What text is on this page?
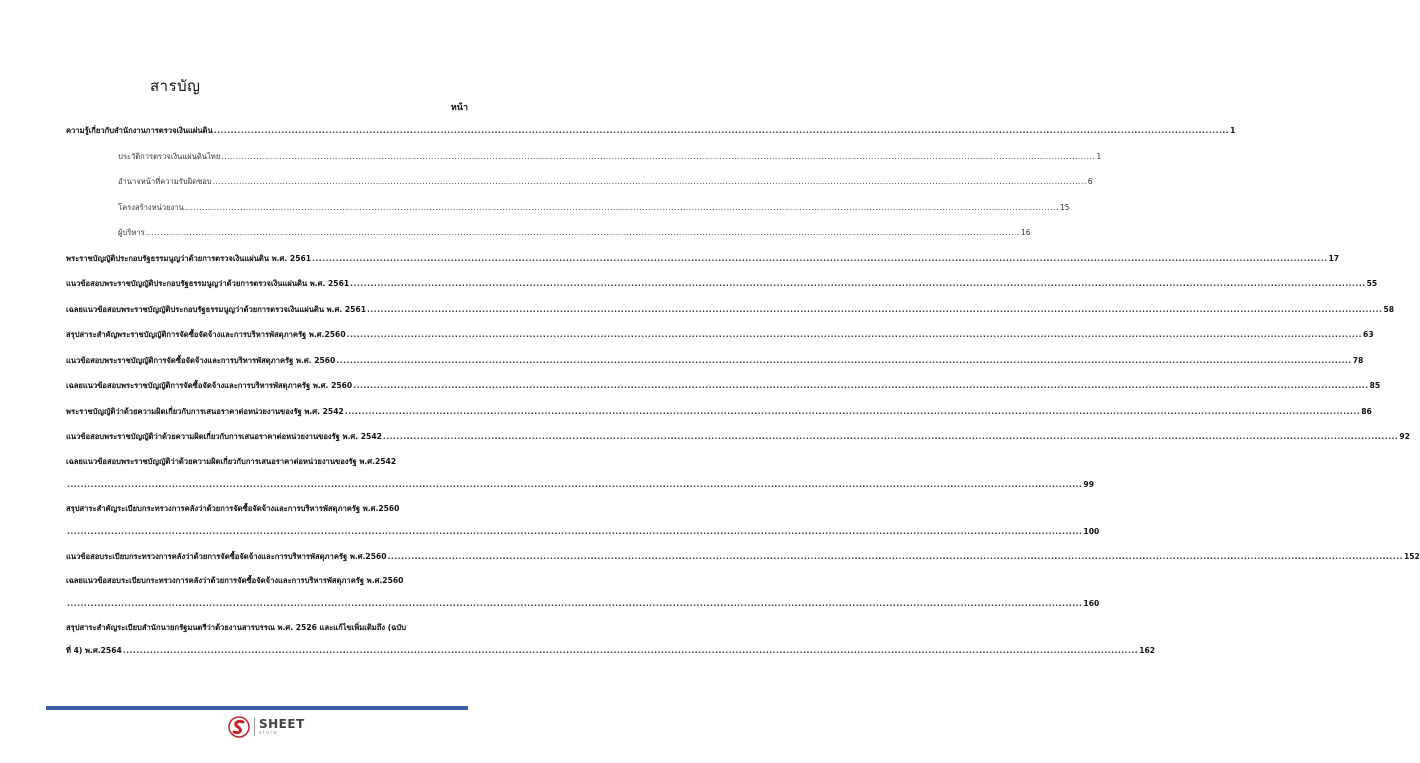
สารบัญ
หน้า
ความรู้เกี่ยวกับสำนักงานการตรวจเงินแผ่นดิน ............................................................................................................................................................................................................................................................................................................ 1
ประวัติการตรวจเงินแผ่นดินไทย ............................................................................................................................................................................................................................................................................................................ 1
อำนาจหน้าที่ความรับผิดชอบ ............................................................................................................................................................................................................................................................................................................ 6
โครงสร้างหน่วยงาน ............................................................................................................................................................................................................................................................................................................ 15
ผู้บริหาร ............................................................................................................................................................................................................................................................................................................ 16
พระราชบัญญัติประกอบรัฐธรรมนูญว่าด้วยการตรวจเงินแผ่นดิน พ.ศ. 2561 ............................................................................................................................................................................................................................................................................................................ 17
แนวข้อสอบพระราชบัญญัติประกอบรัฐธรรมนูญว่าด้วยการตรวจเงินแผ่นดิน พ.ศ. 2561 ............................................................................................................................................................................................................................................................................................................ 55
เฉลยแนวข้อสอบพระราชบัญญัติประกอบรัฐธรรมนูญว่าด้วยการตรวจเงินแผ่นดิน พ.ศ. 2561 ............................................................................................................................................................................................................................................................................................................ 58
สรุปสาระสำคัญพระราชบัญญัติการจัดซื้อจัดจ้างและการบริหารพัสดุภาครัฐ พ.ศ.2560 ............................................................................................................................................................................................................................................................................................................ 63
แนวข้อสอบพระราชบัญญัติการจัดซื้อจัดจ้างและการบริหารพัสดุภาครัฐ พ.ศ. 2560 ............................................................................................................................................................................................................................................................................................................ 78
เฉลยแนวข้อสอบพระราชบัญญัติการจัดซื้อจัดจ้างและการบริหารพัสดุภาครัฐ พ.ศ. 2560 ............................................................................................................................................................................................................................................................................................................ 85
พระราชบัญญัติว่าด้วยความผิดเกี่ยวกับการเสนอราคาต่อหน่วยงานของรัฐ พ.ศ. 2542 ............................................................................................................................................................................................................................................................................................................ 86
แนวข้อสอบพระราชบัญญัติว่าด้วยความผิดเกี่ยวกับการเสนอราคาต่อหน่วยงานของรัฐ พ.ศ. 2542 ............................................................................................................................................................................................................................................................................................................ 92
เฉลยแนวข้อสอบพระราชบัญญัติว่าด้วยความผิดเกี่ยวกับการเสนอราคาต่อหน่วยงานของรัฐ พ.ศ.2542
............................................................................................................................................................................................................................................................................................................ 99
สรุปสาระสำคัญระเบียบกระทรวงการคลังว่าด้วยการจัดซื้อจัดจ้างและการบริหารพัสดุภาครัฐ พ.ศ.2560
............................................................................................................................................................................................................................................................................................................ 100
แนวข้อสอบระเบียบกระทรวงการคลังว่าด้วยการจัดซื้อจัดจ้างและการบริหารพัสดุภาครัฐ พ.ศ.2560 ............................................................................................................................................................................................................................................................................................................ 152
เฉลยแนวข้อสอบระเบียบกระทรวงการคลังว่าด้วยการจัดซื้อจัดจ้างและการบริหารพัสดุภาครัฐ พ.ศ.2560
............................................................................................................................................................................................................................................................................................................ 160
สรุปสาระสำคัญระเบียบสำนักนายกรัฐมนตรีว่าด้วยงานสารบรรณ พ.ศ. 2526 และแก้ไขเพิ่มเติมถึง (ฉบับ
ที่ 4) พ.ศ.2564 ............................................................................................................................................................................................................................................................................................................ 162
SHEET
store
